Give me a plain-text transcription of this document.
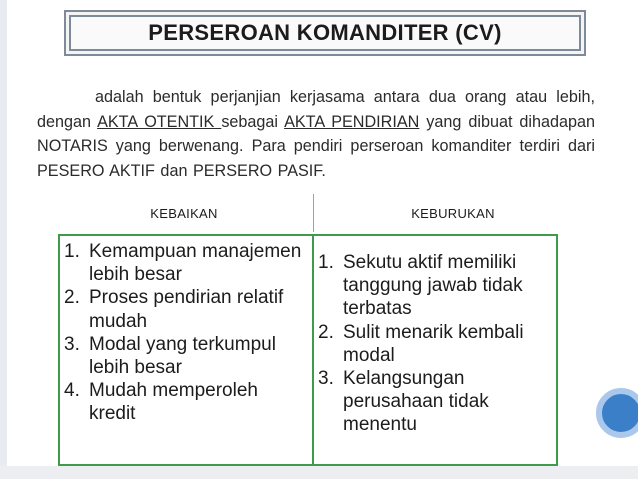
PERSEROAN KOMANDITER (CV)
adalah bentuk perjanjian kerjasama antara dua orang atau lebih, dengan AKTA OTENTIK sebagai AKTA PENDIRIAN yang dibuat dihadapan NOTARIS yang berwenang. Para pendiri perseroan komanditer terdiri dari PESERO AKTIF dan PERSERO PASIF.
KEBAIKAN	KEBURUKAN
1. Kemampuan manajemen lebih besar
2. Proses pendirian relatif mudah
3. Modal yang terkumpul lebih besar
4. Mudah memperoleh kredit
1. Sekutu aktif memiliki tanggung jawab tidak terbatas
2. Sulit menarik kembali modal
3. Kelangsungan perusahaan tidak menentu
